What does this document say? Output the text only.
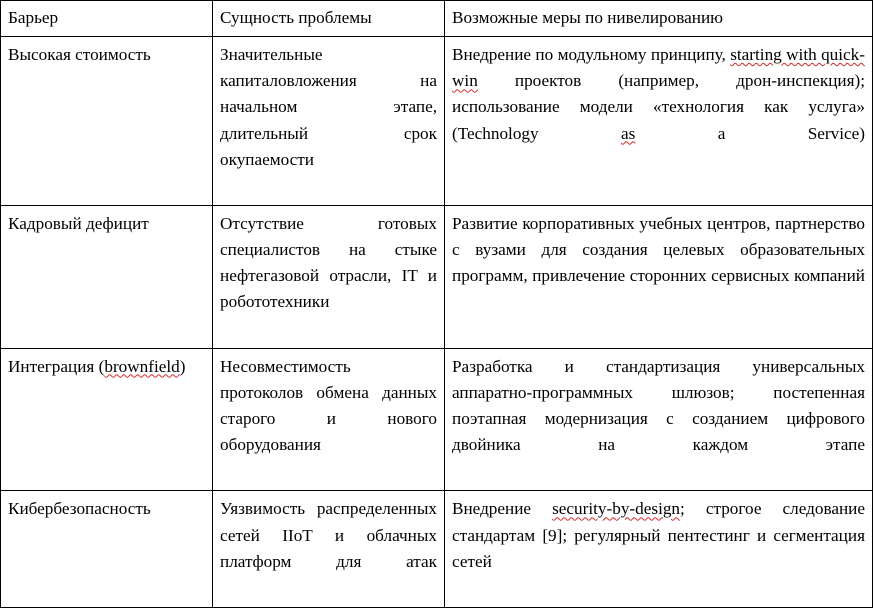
Барьер	Сущность проблемы	Возможные меры по нивелированию

Высокая стоимость	Значительные капиталовложения на начальном этапе, длительный срок окупаемости	Внедрение по модульному принципу, starting with quick-win проектов (например, дрон-инспекция); использование модели «технология как услуга» (Technology as a Service)

Кадровый дефицит	Отсутствие готовых специалистов на стыке нефтегазовой отрасли, IT и робототехники	Развитие корпоративных учебных центров, партнерство с вузами для создания целевых образовательных программ, привлечение сторонних сервисных компаний

Интеграция (brownfield)	Несовместимость протоколов обмена данных старого и нового оборудования	Разработка и стандартизация универсальных аппаратно-программных шлюзов; постепенная поэтапная модернизация с созданием цифрового двойника на каждом этапе

Кибербезопасность	Уязвимость распределенных сетей IIoT и облачных платформ для атак	Внедрение security-by-design; строгое следование стандартам [9]; регулярный пентестинг и сегментация сетей
